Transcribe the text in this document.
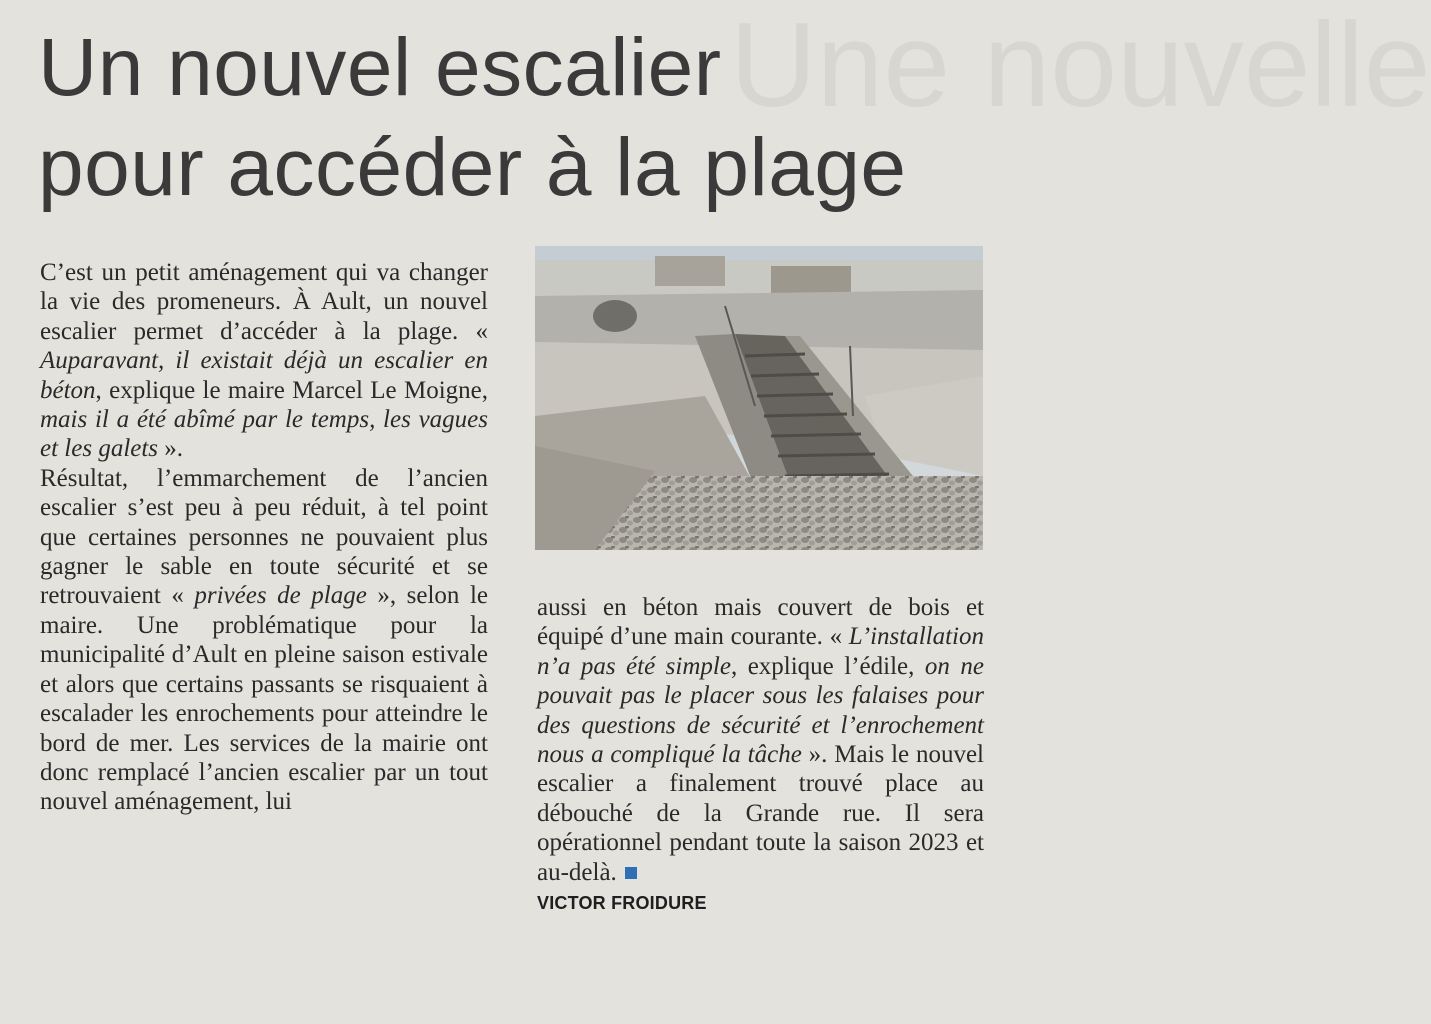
Une nouvelle
Un nouvel escalier
pour accéder à la plage

C’est un petit aménagement qui va changer la vie des promeneurs. À Ault, un nouvel escalier permet d’accéder à la plage. « Auparavant, il existait déjà un escalier en béton, explique le maire Marcel Le Moigne, mais il a été abîmé par le temps, les vagues et les galets ».

Résultat, l’emmarchement de l’ancien escalier s’est peu à peu réduit, à tel point que certaines personnes ne pouvaient plus gagner le sable en toute sécurité et se retrouvaient « privées de plage », selon le maire. Une problématique pour la municipalité d’Ault en pleine saison estivale et alors que certains passants se risquaient à escalader les enrochements pour atteindre le bord de mer. Les services de la mairie ont donc remplacé l’ancien escalier par un tout nouvel aménagement, lui

aussi en béton mais couvert de bois et équipé d’une main courante. « L’installation n’a pas été simple, explique l’édile, on ne pouvait pas le placer sous les falaises pour des questions de sécurité et l’enrochement nous a compliqué la tâche ». Mais le nouvel escalier a finalement trouvé place au débouché de la Grande rue. Il sera opérationnel pendant toute la saison 2023 et au-delà.

VICTOR FROIDURE
